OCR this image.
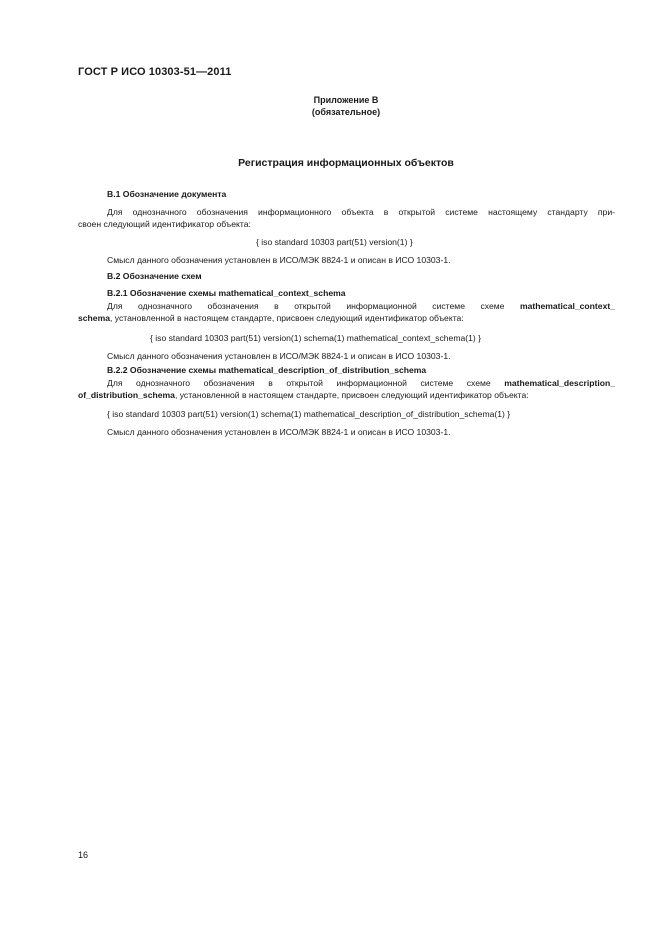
ГОСТ Р ИСО 10303-51—2011
Приложение В
(обязательное)
Регистрация информационных объектов
В.1 Обозначение документа
Для однозначного обозначения информационного объекта в открытой системе настоящему стандарту при-
своен следующий идентификатор объекта:
{ iso standard 10303 part(51) version(1) }
Смысл данного обозначения установлен в ИСО/МЭК 8824-1 и описан в ИСО 10303-1.
В.2 Обозначение схем
В.2.1 Обозначение схемы mathematical_context_schema
Для однозначного обозначения в открытой информационной системе схеме mathematical_context_
schema, установленной в настоящем стандарте, присвоен следующий идентификатор объекта:
{ iso standard 10303 part(51) version(1) schema(1) mathematical_context_schema(1) }
Смысл данного обозначения установлен в ИСО/МЭК 8824-1 и описан в ИСО 10303-1.
В.2.2 Обозначение схемы mathematical_description_of_distribution_schema
Для однозначного обозначения в открытой информационной системе схеме mathematical_description_
of_distribution_schema, установленной в настоящем стандарте, присвоен следующий идентификатор объекта:
{ iso standard 10303 part(51) version(1) schema(1) mathematical_description_of_distribution_schema(1) }
Смысл данного обозначения установлен в ИСО/МЭК 8824-1 и описан в ИСО 10303-1.
16
